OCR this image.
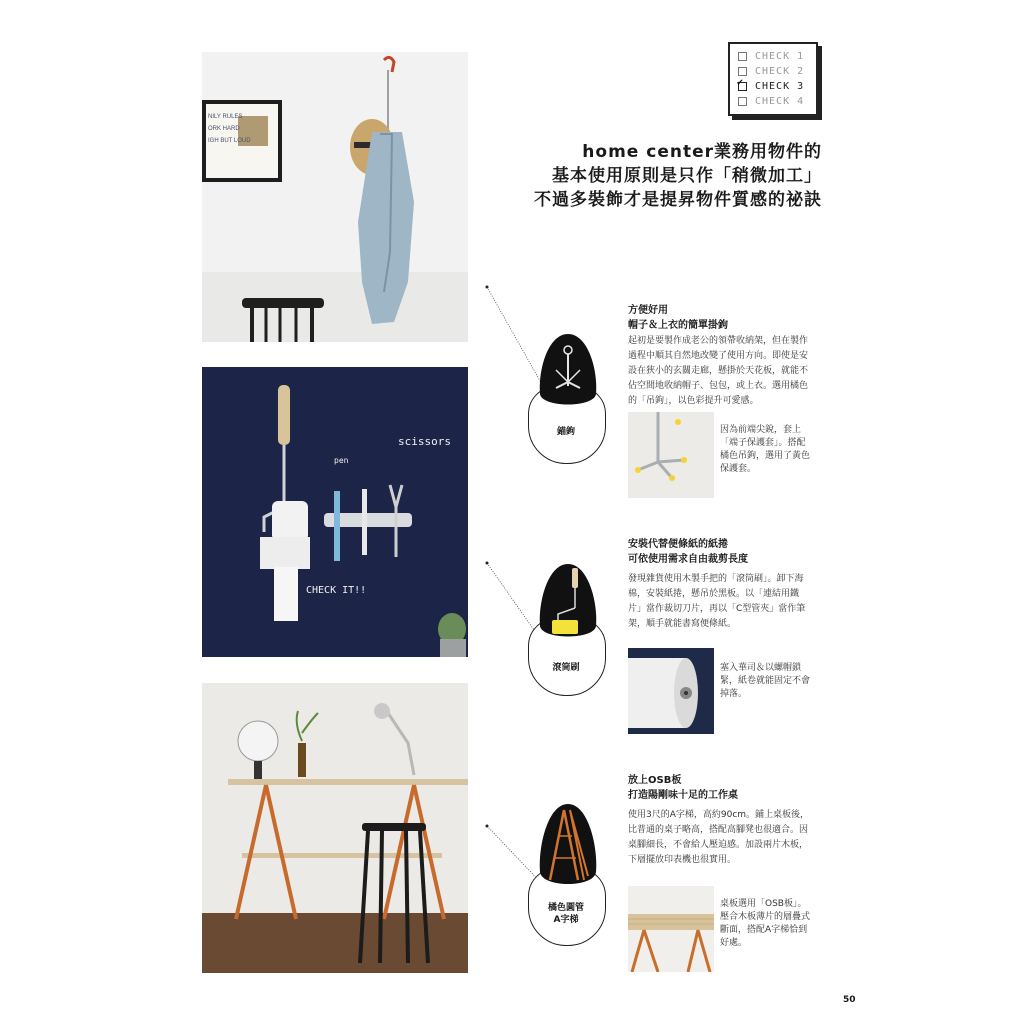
NILY RULES
ORK HARD
IGH BUT LOUD
scissors
pen
CHECK IT!!
CHECK 1
CHECK 2
✔
CHECK 3
CHECK 4
home center業務用物件的
基本使用原則是只作「稍微加工」
不過多裝飾才是提昇物件質感的祕訣
方便好用
帽子＆上衣的簡單掛鉤
起初是要製作成老公的領帶收納架，但在製作
過程中順其自然地改變了使用方向。即使是安
設在狹小的玄關走廊，懸掛於天花板，就能不
佔空間地收納帽子、包包，或上衣。選用橘色
的「吊鉤」，以色彩提升可愛感。
錨鉤	因為前端尖銳，套上
「端子保護套」。搭配
橘色吊鉤，選用了黃色
保護套。
安裝代替便條紙的紙捲
可依使用需求自由裁剪長度
發現雜貨使用木製手把的「滾筒刷」。卸下海
棉，安裝紙捲，懸吊於黑板。以「連結用鐵
片」當作裁切刀片，再以「C型管夾」當作筆
架，順手就能書寫便條紙。
滾筒刷	塞入華司＆以螺帽鎖
緊，紙卷就能固定不會
掉落。
放上OSB板
打造陽剛味十足的工作桌
使用3尺的A字梯，高約90cm。鋪上桌板後，
比普通的桌子略高，搭配高腳凳也很適合。因
桌腳細長，不會給人壓迫感。加設兩片木板，
下層擺放印表機也很實用。
橘色圓管
A字梯
桌板選用「OSB板」。
壓合木板薄片的層疊式
斷面，搭配A字梯恰到
好處。
50
